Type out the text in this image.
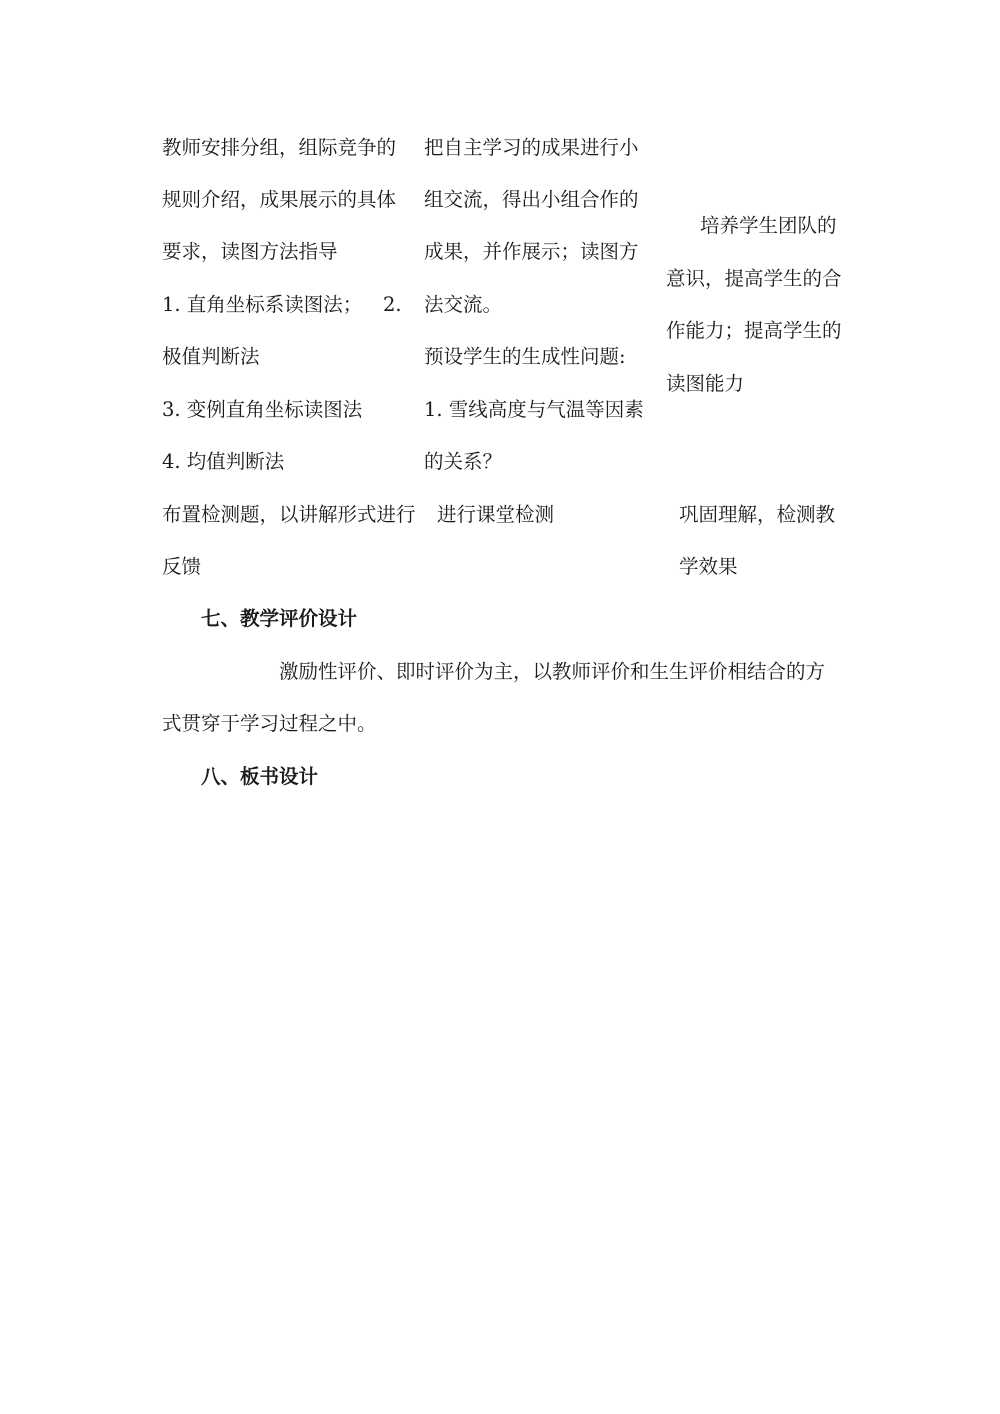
教师安排分组，组际竞争的
规则介绍，成果展示的具体
要求，读图方法指导
1. 直角坐标系读图法； 2.
极值判断法
3. 变例直角坐标读图法
4. 均值判断法
把自主学习的成果进行小
组交流，得出小组合作的
成果，并作展示；读图方
法交流。
预设学生的生成性问题:
1. 雪线高度与气温等因素
的关系？
培养学生团队的
意识，提高学生的合
作能力；提高学生的
读图能力
布置检测题，以讲解形式进行
反馈
进行课堂检测	巩固理解，检测教
学效果
七、教学评价设计
激励性评价、即时评价为主，以教师评价和生生评价相结合的方
式贯穿于学习过程之中。
八、板书设计
